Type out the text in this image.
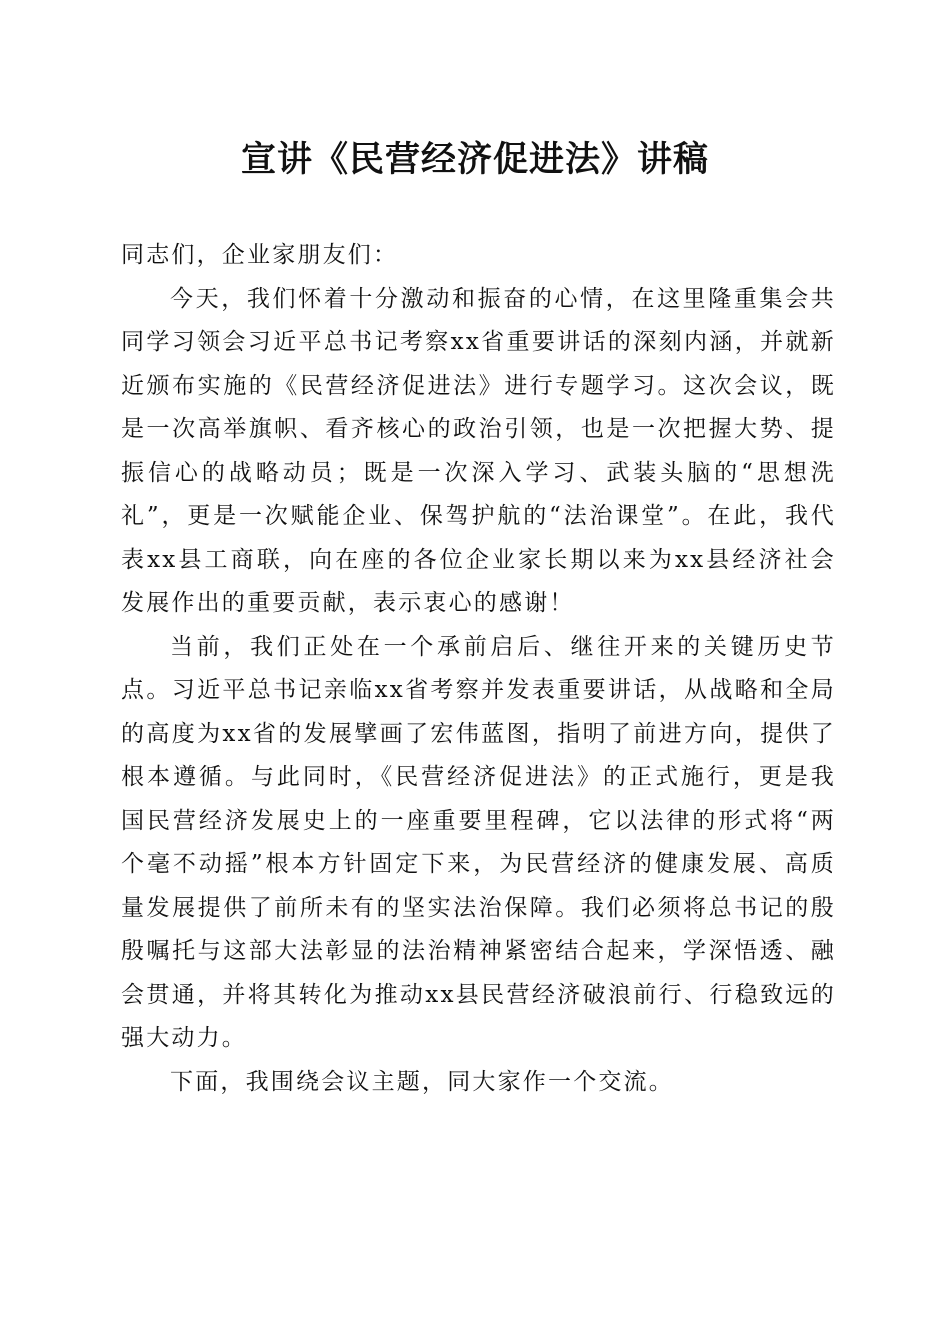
宣讲《民营经济促进法》讲稿

同志们，企业家朋友们：

今天，我们怀着十分激动和振奋的心情，在这里隆重集会共同学习领会习近平总书记考察xx省重要讲话的深刻内涵，并就新近颁布实施的《民营经济促进法》进行专题学习。这次会议，既是一次高举旗帜、看齐核心的政治引领，也是一次把握大势、提振信心的战略动员；既是一次深入学习、武装头脑的“思想洗礼”，更是一次赋能企业、保驾护航的“法治课堂”。在此，我代表xx县工商联，向在座的各位企业家长期以来为xx县经济社会发展作出的重要贡献，表示衷心的感谢！

当前，我们正处在一个承前启后、继往开来的关键历史节点。习近平总书记亲临xx省考察并发表重要讲话，从战略和全局的高度为xx省的发展擘画了宏伟蓝图，指明了前进方向，提供了根本遵循。与此同时，《民营经济促进法》的正式施行，更是我国民营经济发展史上的一座重要里程碑，它以法律的形式将“两个毫不动摇”根本方针固定下来，为民营经济的健康发展、高质量发展提供了前所未有的坚实法治保障。我们必须将总书记的殷殷嘱托与这部大法彰显的法治精神紧密结合起来，学深悟透、融会贯通，并将其转化为推动xx县民营经济破浪前行、行稳致远的强大动力。

下面，我围绕会议主题，同大家作一个交流。
